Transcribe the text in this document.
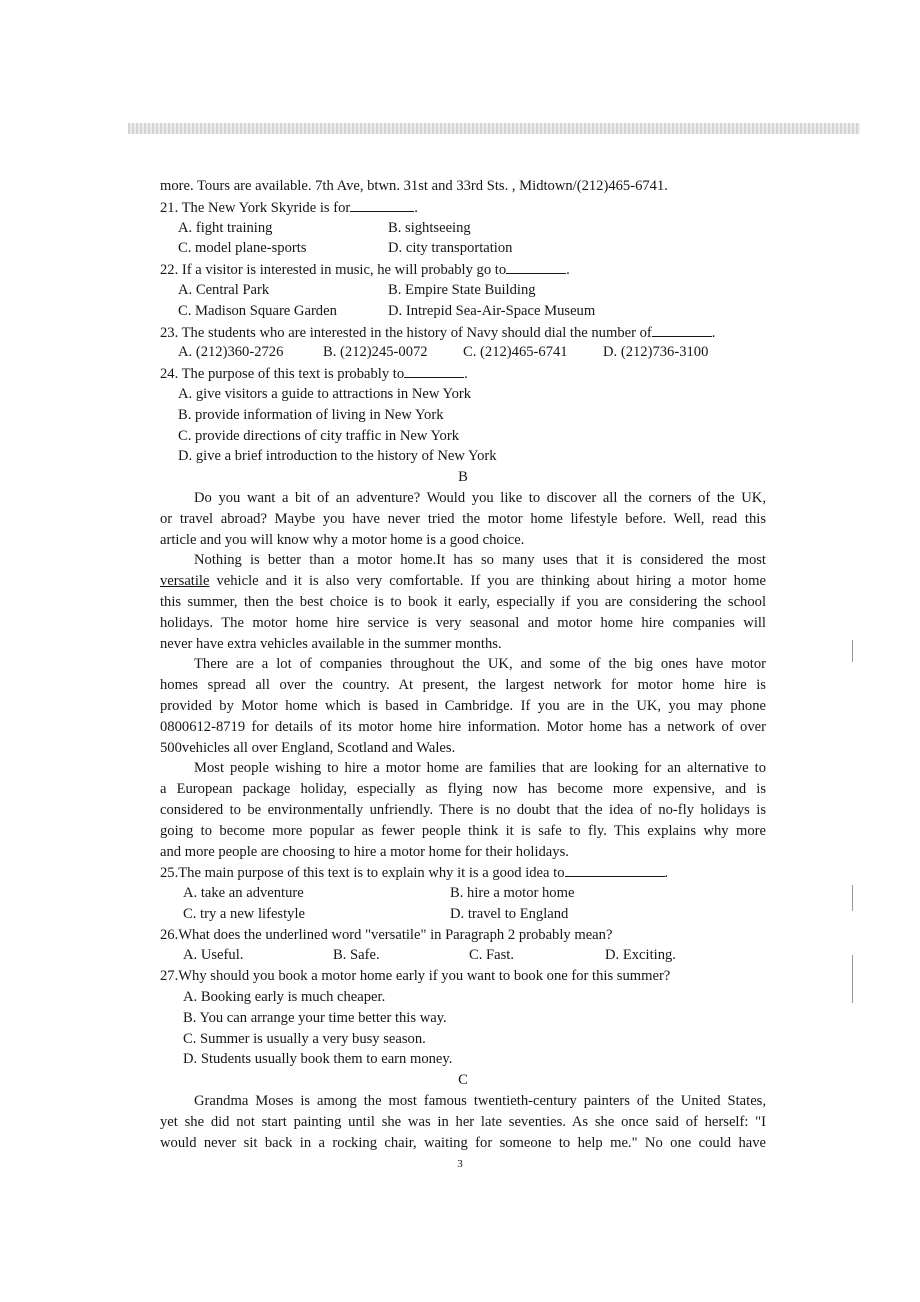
more. Tours are available. 7th Ave, btwn. 31st and 33rd Sts. , Midtown/(212)465-6741.
21. The New York Skyride is for	.
A. fight training	B. sightseeing
C. model plane-sports	D. city transportation
22. If a visitor is interested in music, he will probably go to	.
A. Central Park	B. Empire State Building
C. Madison Square Garden	D. Intrepid Sea-Air-Space Museum
23. The students who are interested in the history of Navy should dial the number of	.
A. (212)360-2726	B. (212)245-0072 C. (212)465-6741 D. (212)736-3100
24. The purpose of this text is probably to	.
A. give visitors a guide to attractions in New York
B. provide information of living in New York
C. provide directions of city traffic in New York
D. give a brief introduction to the history of New York
B
Do you want a bit of an adventure? Would you like to discover all the corners of the UK,
or travel abroad? Maybe you have never tried the motor home lifestyle before. Well, read this
article and you will know why a motor home is a good choice.
Nothing is better than a motor home.It has so many uses that it is considered the most
versatile vehicle and it is also very comfortable. If you are thinking about hiring a motor home
this summer, then the best choice is to book it early, especially if you are considering the school
holidays. The motor home hire service is very seasonal and motor home hire companies will
never have extra vehicles available in the summer months.
There are a lot of companies throughout the UK, and some of the big ones have motor
homes spread all over the country. At present, the largest network for motor home hire is
provided by Motor home which is based in Cambridge. If you are in the UK, you may phone
0800612-8719 for details of its motor home hire information. Motor home has a network of over
500vehicles all over England, Scotland and Wales.
Most people wishing to hire a motor home are families that are looking for an alternative to
a European package holiday, especially as flying now has become more expensive, and is
considered to be environmentally unfriendly. There is no doubt that the idea of no-fly holidays is
going to become more popular as fewer people think it is safe to fly. This explains why more
and more people are choosing to hire a motor home for their holidays.
25.The main purpose of this text is to explain why it is a good idea to	.
A. take an adventure	B. hire a motor home
C. try a new lifestyle	D. travel to England
26.What does the underlined word "versatile" in Paragraph 2 probably mean?
A. Useful.	B. Safe.	C. Fast.	D. Exciting.
27.Why should you book a motor home early if you want to book one for this summer?
A. Booking early is much cheaper.
B. You can arrange your time better this way.
C. Summer is usually a very busy season.
D. Students usually book them to earn money.
C
Grandma Moses is among the most famous twentieth-century painters of the United States,
yet she did not start painting until she was in her late seventies. As she once said of herself: "I
would never sit back in a rocking chair, waiting for someone to help me." No one could have
3
